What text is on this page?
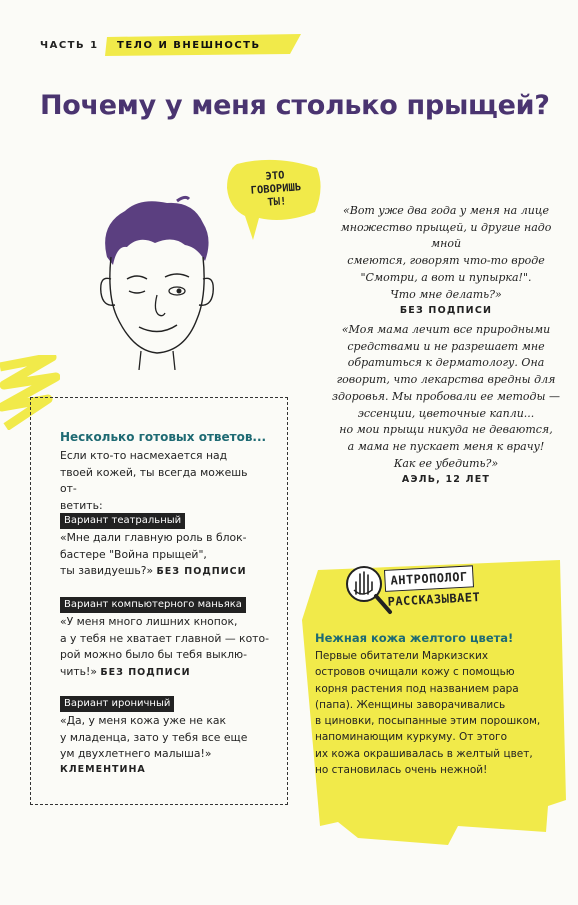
ЧАСТЬ 1 ТЕЛО И ВНЕШНОСТЬ
Почему у меня столько прыщей?
ЭТО
ГОВОРИШЬ
ТЫ!
«Вот уже два года у меня на лице
множество прыщей, и другие надо мной
смеются, говорят что-то вроде
"Смотри, а вот и пупырка!".
Что мне делать?»
БЕЗ ПОДПИСИ
«Моя мама лечит все природными
средствами и не разрешает мне
обратиться к дерматологу. Она
говорит, что лекарства вредны для
здоровья. Мы пробовали ее методы —
эссенции, цветочные капли...
но мои прыщи никуда не деваются,
а мама не пускает меня к врачу!
Как ее убедить?»
АЭЛЬ, 12 ЛЕТ
Несколько готовых ответов...
Если кто-то насмехается над
твоей кожей, ты всегда можешь от-
ветить:
Вариант театральный
«Мне дали главную роль в блок-
бастере "Война прыщей",
ты завидуешь?» БЕЗ ПОДПИСИ
Вариант компьютерного маньяка
«У меня много лишних кнопок,
а у тебя не хватает главной — кото-
рой можно было бы тебя выклю-
чить!» БЕЗ ПОДПИСИ
Вариант ироничный
«Да, у меня кожа уже не как
у младенца, зато у тебя все еще
ум двухлетнего малыша!»
КЛЕМЕНТИНА
АНТРОПОЛОГ
РАССКАЗЫВАЕТ
Нежная кожа желтого цвета!
Первые обитатели Маркизских
островов очищали кожу с помощью
корня растения под названием рара
(папа). Женщины заворачивались
в циновки, посыпанные этим порошком,
напоминающим куркуму. От этого
их кожа окрашивалась в желтый цвет,
но становилась очень нежной!
